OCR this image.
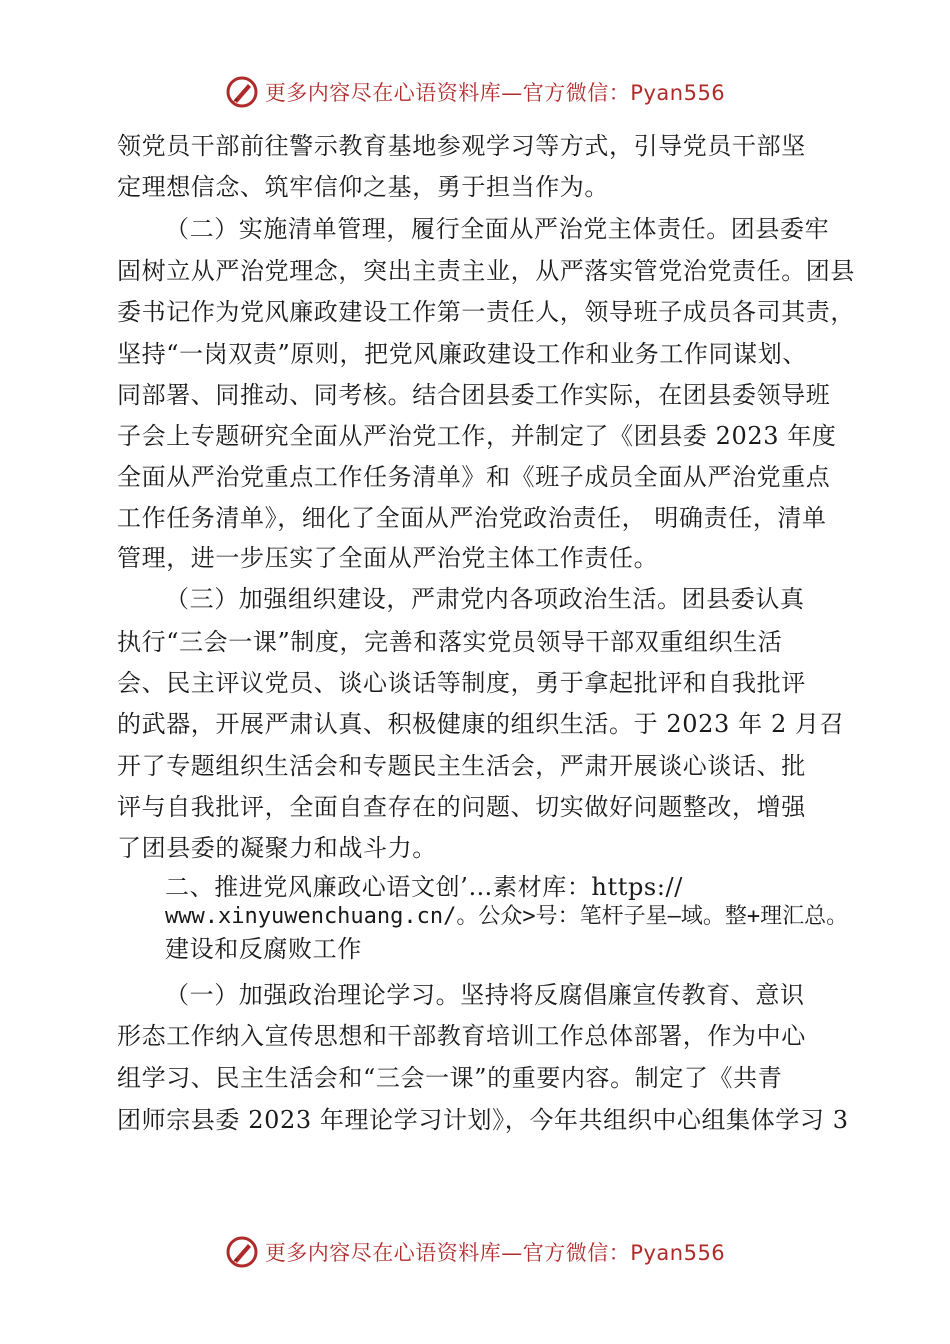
更多内容尽在心语资料库—官方微信：Pyan556
领党员干部前往警示教育基地参观学习等方式，引导党员干部坚
定理想信念、筑牢信仰之基，勇于担当作为。
（二）实施清单管理，履行全面从严治党主体责任。团县委牢
固树立从严治党理念，突出主责主业，从严落实管党治党责任。团县
委书记作为党风廉政建设工作第一责任人，领导班子成员各司其责，
坚持“一岗双责”原则，把党风廉政建设工作和业务工作同谋划、
同部署、同推动、同考核。结合团县委工作实际，在团县委领导班
子会上专题研究全面从严治党工作，并制定了《团县委 2023 年度
全面从严治党重点工作任务清单》和《班子成员全面从严治党重点
工作任务清单》，细化了全面从严治党政治责任， 明确责任，清单
管理，进一步压实了全面从严治党主体工作责任。
（三）加强组织建设，严肃党内各项政治生活。团县委认真
执行“三会一课”制度，完善和落实党员领导干部双重组织生活
会、民主评议党员、谈心谈话等制度，勇于拿起批评和自我批评
的武器，开展严肃认真、积极健康的组织生活。于 2023 年 2 月召
开了专题组织生活会和专题民主生活会，严肃开展谈心谈话、批
评与自我批评，全面自查存在的问题、切实做好问题整改，增强
了团县委的凝聚力和战斗力。
二、推进党风廉政心语文创’…素材库：https://
www.xinyuwenchuang.cn/。公众>号：笔杆子星—域。整+理汇总。
建设和反腐败工作
（一）加强政治理论学习。坚持将反腐倡廉宣传教育、意识
形态工作纳入宣传思想和干部教育培训工作总体部署，作为中心
组学习、民主生活会和“三会一课”的重要内容。制定了《共青
团师宗县委 2023 年理论学习计划》，今年共组织中心组集体学习 3
更多内容尽在心语资料库—官方微信：Pyan556
